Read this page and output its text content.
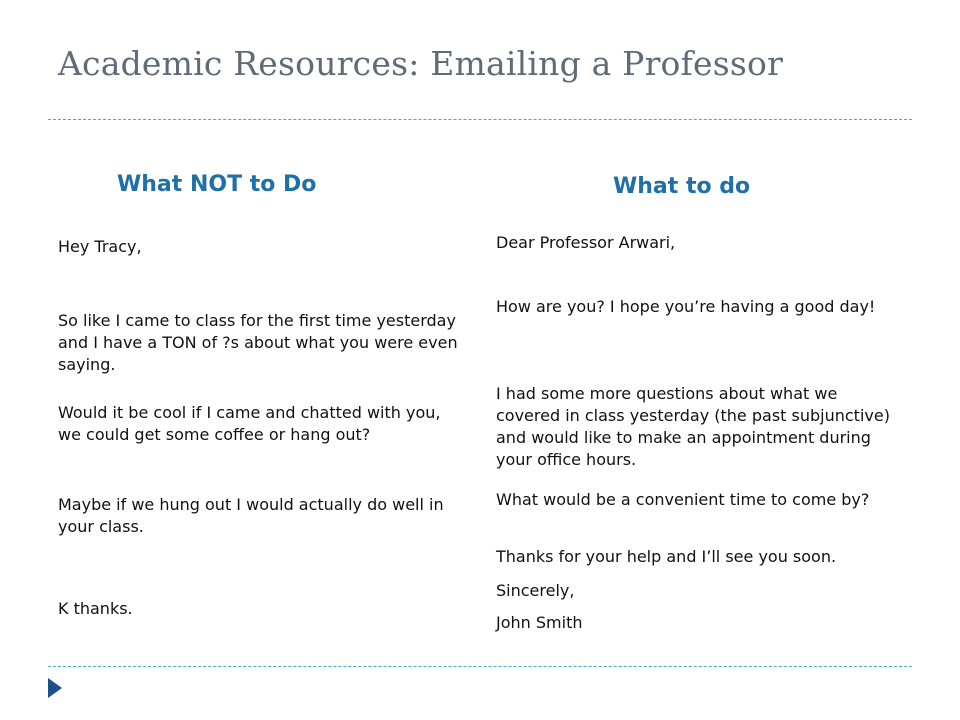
Academic Resources: Emailing a Professor
What NOT to Do

Hey Tracy,

So like I came to class for the first time yesterday and I have a TON of ?s about what you were even saying.

Would it be cool if I came and chatted with you, we could get some coffee or hang out?

Maybe if we hung out I would actually do well in your class.

K thanks.

What to do

Dear Professor Arwari,

How are you? I hope you’re having a good day!

I had some more questions about what we covered in class yesterday (the past subjunctive) and would like to make an appointment during your office hours.

What would be a convenient time to come by?

Thanks for your help and I’ll see you soon.

Sincerely,

John Smith
